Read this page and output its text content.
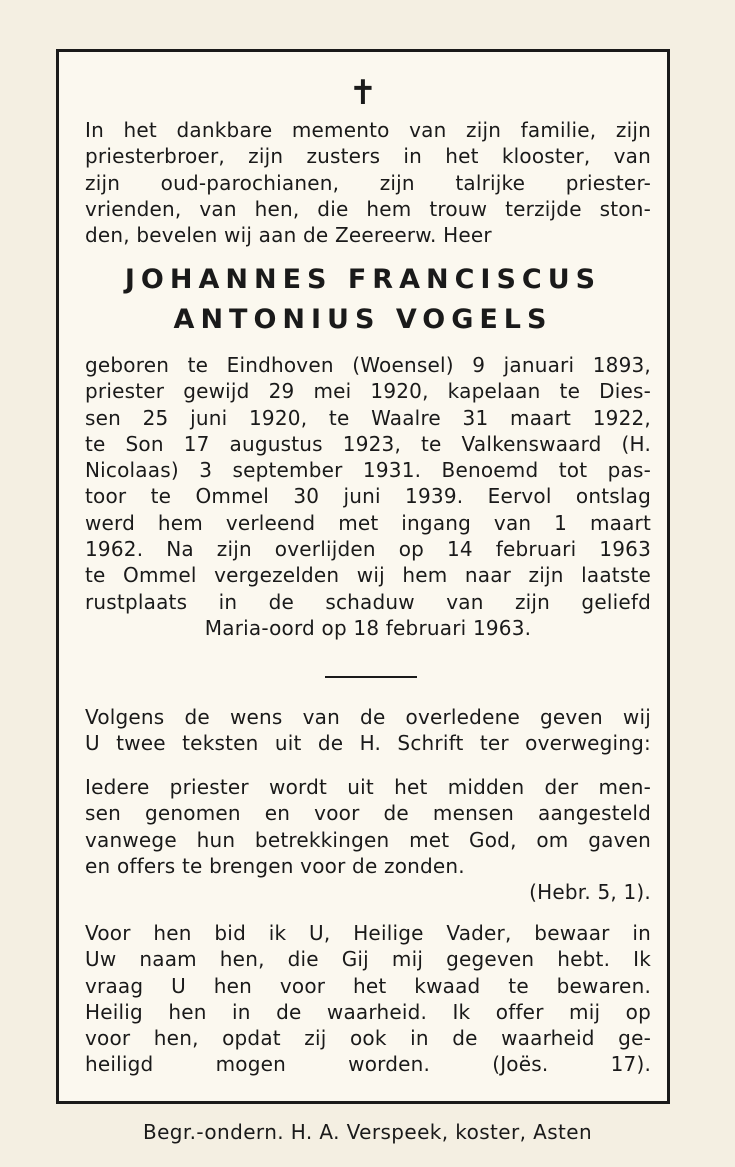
✝
In het dankbare memento van zijn familie, zijn
priesterbroer, zijn zusters in het klooster, van
zijn oud-parochianen, zijn talrijke priester-
vrienden, van hen, die hem trouw terzijde ston-
den, bevelen wij aan de Zeereerw. Heer
JOHANNES FRANCISCUS
ANTONIUS VOGELS
geboren te Eindhoven (Woensel) 9 januari 1893,
priester gewijd 29 mei 1920, kapelaan te Dies-
sen 25 juni 1920, te Waalre 31 maart 1922,
te Son 17 augustus 1923, te Valkenswaard (H.
Nicolaas) 3 september 1931. Benoemd tot pas-
toor te Ommel 30 juni 1939. Eervol ontslag
werd hem verleend met ingang van 1 maart
1962. Na zijn overlijden op 14 februari 1963
te Ommel vergezelden wij hem naar zijn laatste
rustplaats in de schaduw van zijn geliefd
Maria-oord op 18 februari 1963.
Volgens de wens van de overledene geven wij
U twee teksten uit de H. Schrift ter overweging:
Iedere priester wordt uit het midden der men-
sen genomen en voor de mensen aangesteld
vanwege hun betrekkingen met God, om gaven
en offers te brengen voor de zonden.
(Hebr. 5, 1).
Voor hen bid ik U, Heilige Vader, bewaar in
Uw naam hen, die Gij mij gegeven hebt. Ik
vraag U hen voor het kwaad te bewaren.
Heilig hen in de waarheid. Ik offer mij op
voor hen, opdat zij ook in de waarheid ge-
heiligd mogen worden. (Joës. 17).
Begr.-ondern. H. A. Verspeek, koster, Asten
